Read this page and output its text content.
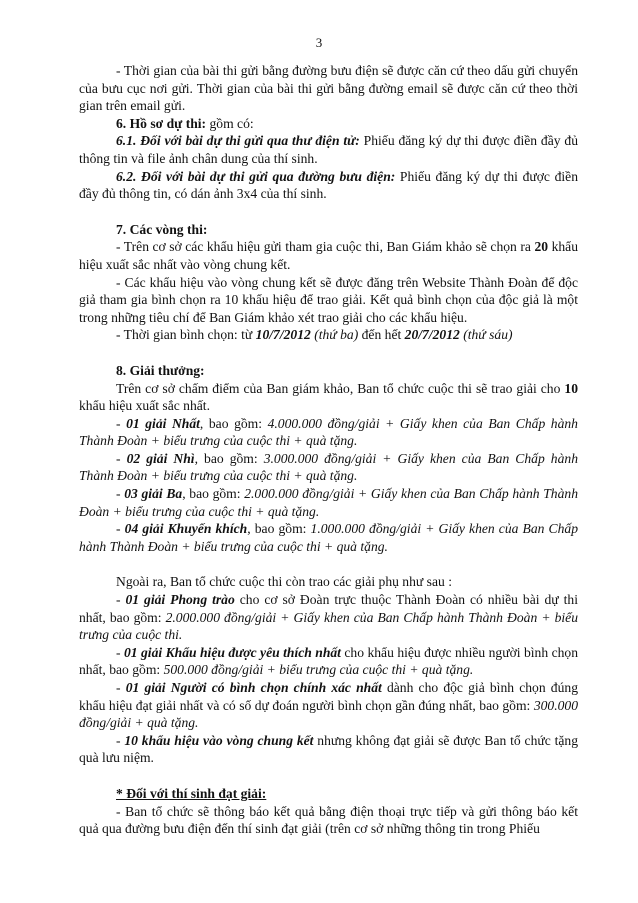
3

- Thời gian của bài thi gửi bằng đường bưu điện sẽ được căn cứ theo dấu gửi chuyển của bưu cục nơi gửi. Thời gian của bài thi gửi bằng đường email sẽ được căn cứ theo thời gian trên email gửi.

6. Hồ sơ dự thi: gồm có:

6.1. Đối với bài dự thi gửi qua thư điện tử: Phiếu đăng ký dự thi được điền đầy đủ thông tin và file ảnh chân dung của thí sinh.

6.2. Đối với bài dự thi gửi qua đường bưu điện: Phiếu đăng ký dự thi được điền đầy đủ thông tin, có dán ảnh 3x4 của thí sinh.

7. Các vòng thi:

- Trên cơ sở các khẩu hiệu gửi tham gia cuộc thi, Ban Giám khảo sẽ chọn ra 20 khẩu hiệu xuất sắc nhất vào vòng chung kết.

- Các khẩu hiệu vào vòng chung kết sẽ được đăng trên Website Thành Đoàn để độc giả tham gia bình chọn ra 10 khẩu hiệu để trao giải. Kết quả bình chọn của độc giả là một trong những tiêu chí để Ban Giám khảo xét trao giải cho các khẩu hiệu.

- Thời gian bình chọn: từ 10/7/2012 (thứ ba) đến hết 20/7/2012 (thứ sáu)

8. Giải thưởng:

Trên cơ sở chấm điểm của Ban giám khảo, Ban tổ chức cuộc thi sẽ trao giải cho 10 khẩu hiệu xuất sắc nhất.

- 01 giải Nhất, bao gồm: 4.000.000 đồng/giải + Giấy khen của Ban Chấp hành Thành Đoàn + biểu trưng của cuộc thi + quà tặng.

- 02 giải Nhì, bao gồm: 3.000.000 đồng/giải + Giấy khen của Ban Chấp hành Thành Đoàn + biểu trưng của cuộc thi + quà tặng.

- 03 giải Ba, bao gồm: 2.000.000 đồng/giải + Giấy khen của Ban Chấp hành Thành Đoàn + biểu trưng của cuộc thi + quà tặng.

- 04 giải Khuyến khích, bao gồm: 1.000.000 đồng/giải + Giấy khen của Ban Chấp hành Thành Đoàn + biểu trưng của cuộc thi + quà tặng.

Ngoài ra, Ban tổ chức cuộc thi còn trao các giải phụ như sau :

- 01 giải Phong trào cho cơ sở Đoàn trực thuộc Thành Đoàn có nhiều bài dự thi nhất, bao gồm: 2.000.000 đồng/giải + Giấy khen của Ban Chấp hành Thành Đoàn + biểu trưng của cuộc thi.

- 01 giải Khẩu hiệu được yêu thích nhất cho khẩu hiệu được nhiều người bình chọn nhất, bao gồm: 500.000 đồng/giải + biểu trưng của cuộc thi + quà tặng.

- 01 giải Người có bình chọn chính xác nhất dành cho độc giả bình chọn đúng khẩu hiệu đạt giải nhất và có số dự đoán người bình chọn gần đúng nhất, bao gồm: 300.000 đồng/giải + quà tặng.

- 10 khẩu hiệu vào vòng chung kết nhưng không đạt giải sẽ được Ban tổ chức tặng quà lưu niệm.

* Đối với thí sinh đạt giải:

- Ban tổ chức sẽ thông báo kết quả bằng điện thoại trực tiếp và gửi thông báo kết quả qua đường bưu điện đến thí sinh đạt giải (trên cơ sở những thông tin trong Phiếu
